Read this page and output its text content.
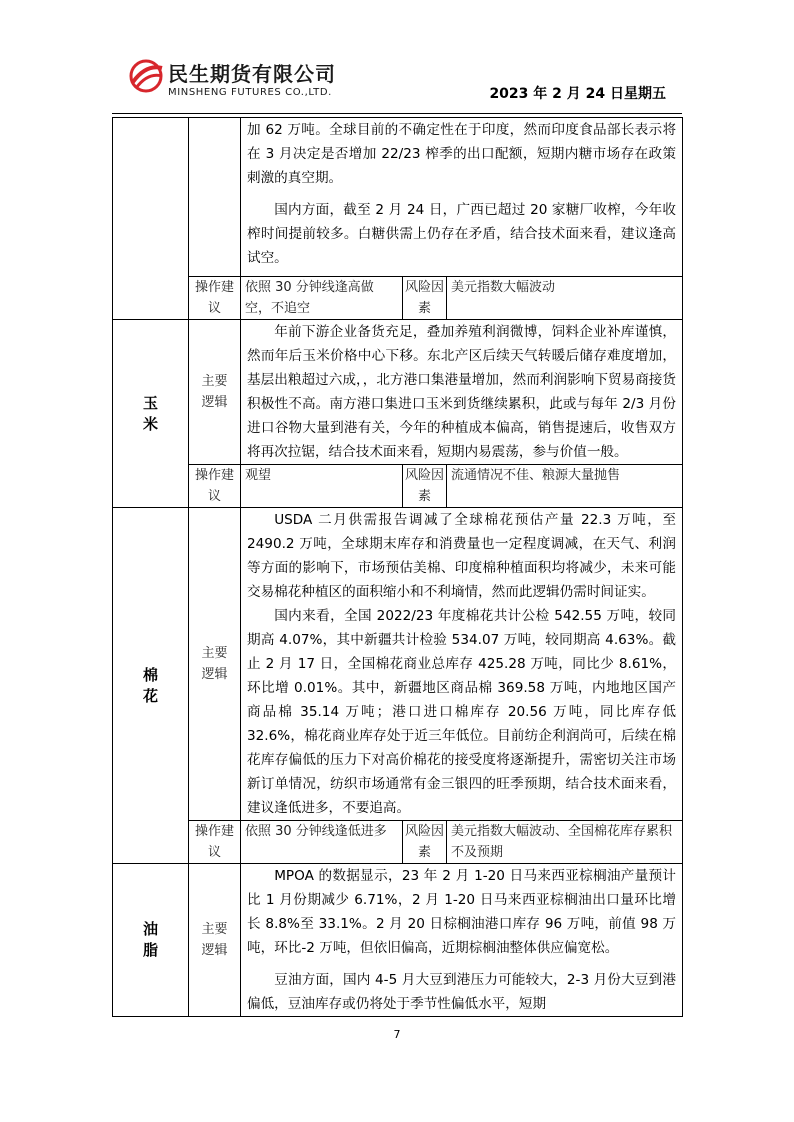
民生期货有限公司
MINSHENG FUTURES CO.,LTD.	2023 年 2 月 24 日星期五

		加 62 万吨。全球目前的不确定性在于印度，然而印度食品部长表示将在 3 月决定是否增加 22/23 榨季的出口配额，短期内糖市场存在政策刺激的真空期。

国内方面，截至 2 月 24 日，广西已超过 20 家糖厂收榨，今年收榨时间提前较多。白糖供需上仍存在矛盾，结合技术面来看，建议逢高试空。		

	操作建议	依照 30 分钟线逢高做空，不追空	风险因素	美元指数大幅波动
玉米	主要逻辑	年前下游企业备货充足，叠加养殖利润微博，饲料企业补库谨慎，然而年后玉米价格中心下移。东北产区后续天气转暖后储存难度增加，基层出粮超过六成，，北方港口集港量增加，然而利润影响下贸易商接货积极性不高。南方港口集进口玉米到货继续累积，此或与每年 2/3 月份进口谷物大量到港有关，今年的种植成本偏高，销售提速后，收售双方将再次拉锯，结合技术面来看，短期内易震荡，参与价值一般。		

	操作建议	观望	风险因素	流通情况不佳、粮源大量抛售
棉花	主要逻辑	USDA 二月供需报告调减了全球棉花预估产量 22.3 万吨，至 2490.2 万吨，全球期末库存和消费量也一定程度调减，在天气、利润等方面的影响下，市场预估美棉、印度棉种植面积均将减少，未来可能交易棉花种植区的面积缩小和不利墒情，然而此逻辑仍需时间证实。

国内来看，全国 2022/23 年度棉花共计公检 542.55 万吨，较同期高 4.07%，其中新疆共计检验 534.07 万吨，较同期高 4.63%。截止 2 月 17 日，全国棉花商业总库存 425.28 万吨，同比少 8.61%，环比增 0.01%。其中，新疆地区商品棉 369.58 万吨，内地地区国产商品棉 35.14 万吨；港口进口棉库存 20.56 万吨，同比库存低 32.6%，棉花商业库存处于近三年低位。目前纺企利润尚可，后续在棉花库存偏低的压力下对高价棉花的接受度将逐渐提升，需密切关注市场新订单情况，纺织市场通常有金三银四的旺季预期，结合技术面来看，建议逢低进多，不要追高。		

	操作建议	依照 30 分钟线逢低进多	风险因素	美元指数大幅波动、全国棉花库存累积不及预期
油脂	主要逻辑	MPOA 的数据显示，23 年 2 月 1-20 日马来西亚棕榈油产量预计比 1 月份期减少 6.71%，2 月 1-20 日马来西亚棕榈油出口量环比增长 8.8%至 33.1%。2 月 20 日棕榈油港口库存 96 万吨，前值 98 万吨，环比-2 万吨，但依旧偏高，近期棕榈油整体供应偏宽松。

豆油方面，国内 4-5 月大豆到港压力可能较大，2-3 月份大豆到港偏低，豆油库存或仍将处于季节性偏低水平，短期		

7
